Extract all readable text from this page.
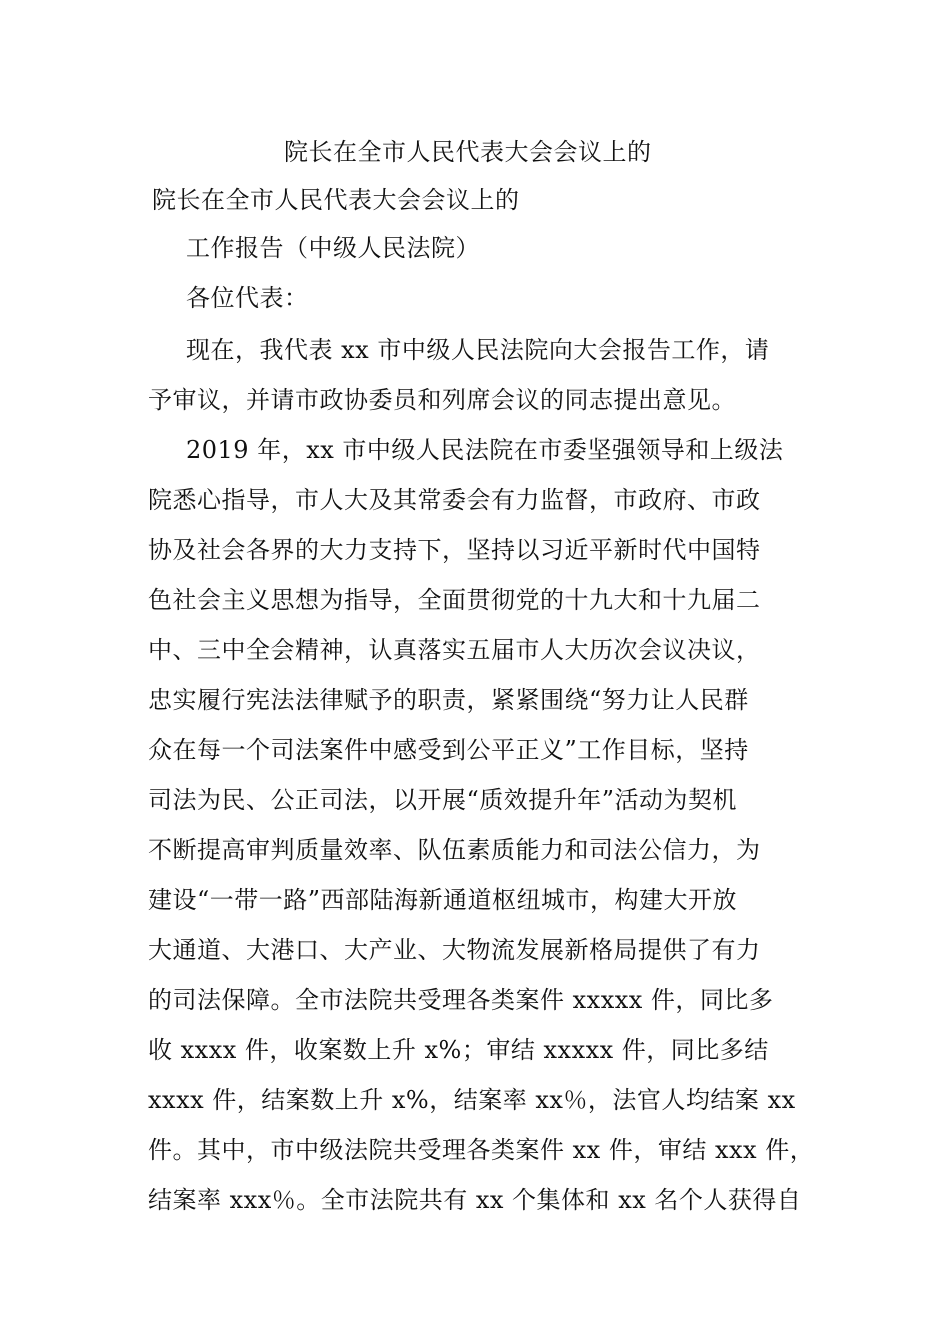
院长在全市人民代表大会会议上的
院长在全市人民代表大会会议上的
工作报告（中级人民法院）
各位代表：
现在，我代表 xx 市中级人民法院向大会报告工作，请
予审议，并请市政协委员和列席会议的同志提出意见。
2019 年，xx 市中级人民法院在市委坚强领导和上级法
院悉心指导，市人大及其常委会有力监督，市政府、市政
协及社会各界的大力支持下，坚持以习近平新时代中国特
色社会主义思想为指导，全面贯彻党的十九大和十九届二
中、三中全会精神，认真落实五届市人大历次会议决议，
忠实履行宪法法律赋予的职责，紧紧围绕“努力让人民群
众在每一个司法案件中感受到公平正义”工作目标，坚持
司法为民、公正司法，以开展“质效提升年”活动为契机
不断提高审判质量效率、队伍素质能力和司法公信力，为
建设“一带一路”西部陆海新通道枢纽城市，构建大开放
大通道、大港口、大产业、大物流发展新格局提供了有力
的司法保障。全市法院共受理各类案件 xxxxx 件，同比多
收 xxxx 件，收案数上升 x%；审结 xxxxx 件，同比多结
xxxx 件，结案数上升 x%，结案率 xx％，法官人均结案 xx
件。其中，市中级法院共受理各类案件 xx 件，审结 xxx 件，
结案率 xxx％。全市法院共有 xx 个集体和 xx 名个人获得自
